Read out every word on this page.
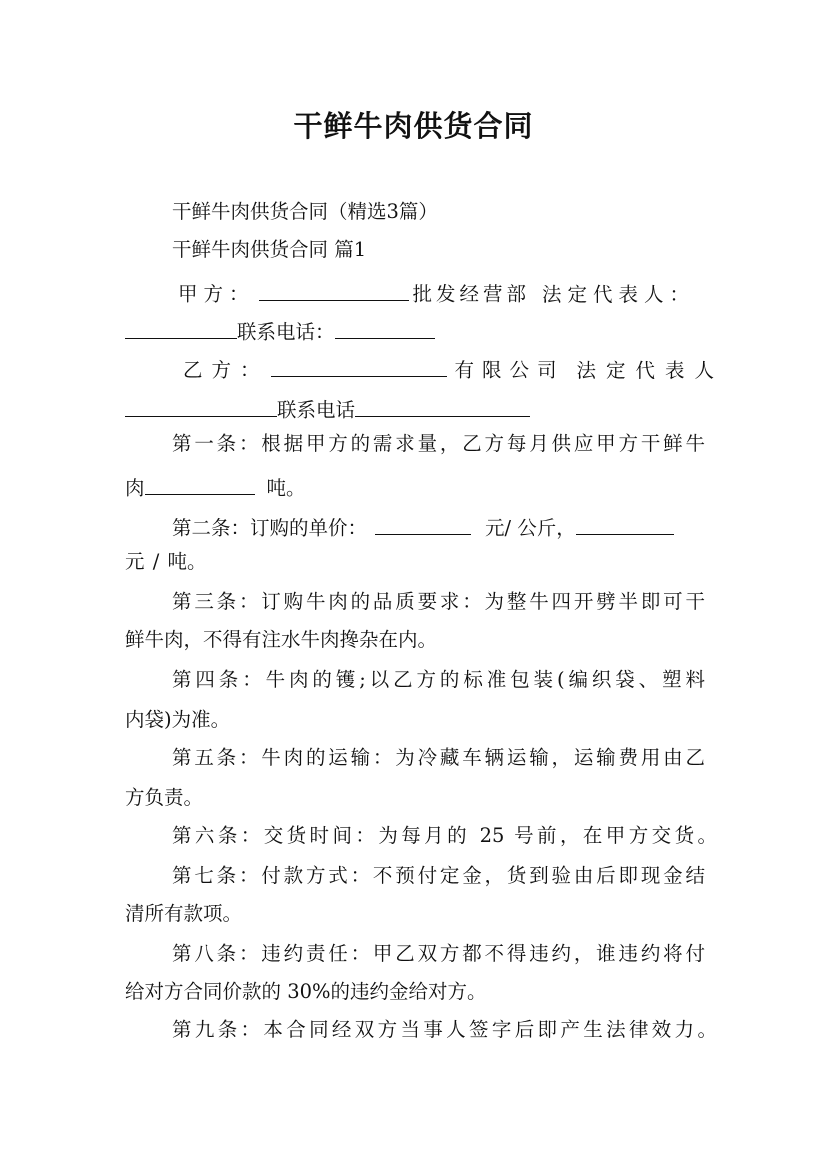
干鲜牛肉供货合同
干鲜牛肉供货合同（精选3篇）
干鲜牛肉供货合同 篇1
甲方：	批发经营部 法定代表人：
联系电话：
乙方：	有限公司 法定代表人
联系电话
第一条：根据甲方的需求量，乙方每月供应甲方干鲜牛
肉	吨。
第二条：订购的单价：	元/ 公斤，
元 / 吨。
第三条：订购牛肉的品质要求：为整牛四开劈半即可干
鲜牛肉，不得有注水牛肉搀杂在内。
第四条：牛肉的镬;以乙方的标准包装(编织袋、塑料
内袋)为准。
第五条：牛肉的运输：为冷藏车辆运输，运输费用由乙
方负责。
第六条：交货时间：为每月的 25 号前，在甲方交货。
第七条：付款方式：不预付定金，货到验由后即现金结
清所有款项。
第八条：违约责任：甲乙双方都不得违约，谁违约将付
给对方合同价款的 30%的违约金给对方。
第九条：本合同经双方当事人签字后即产生法律效力。
